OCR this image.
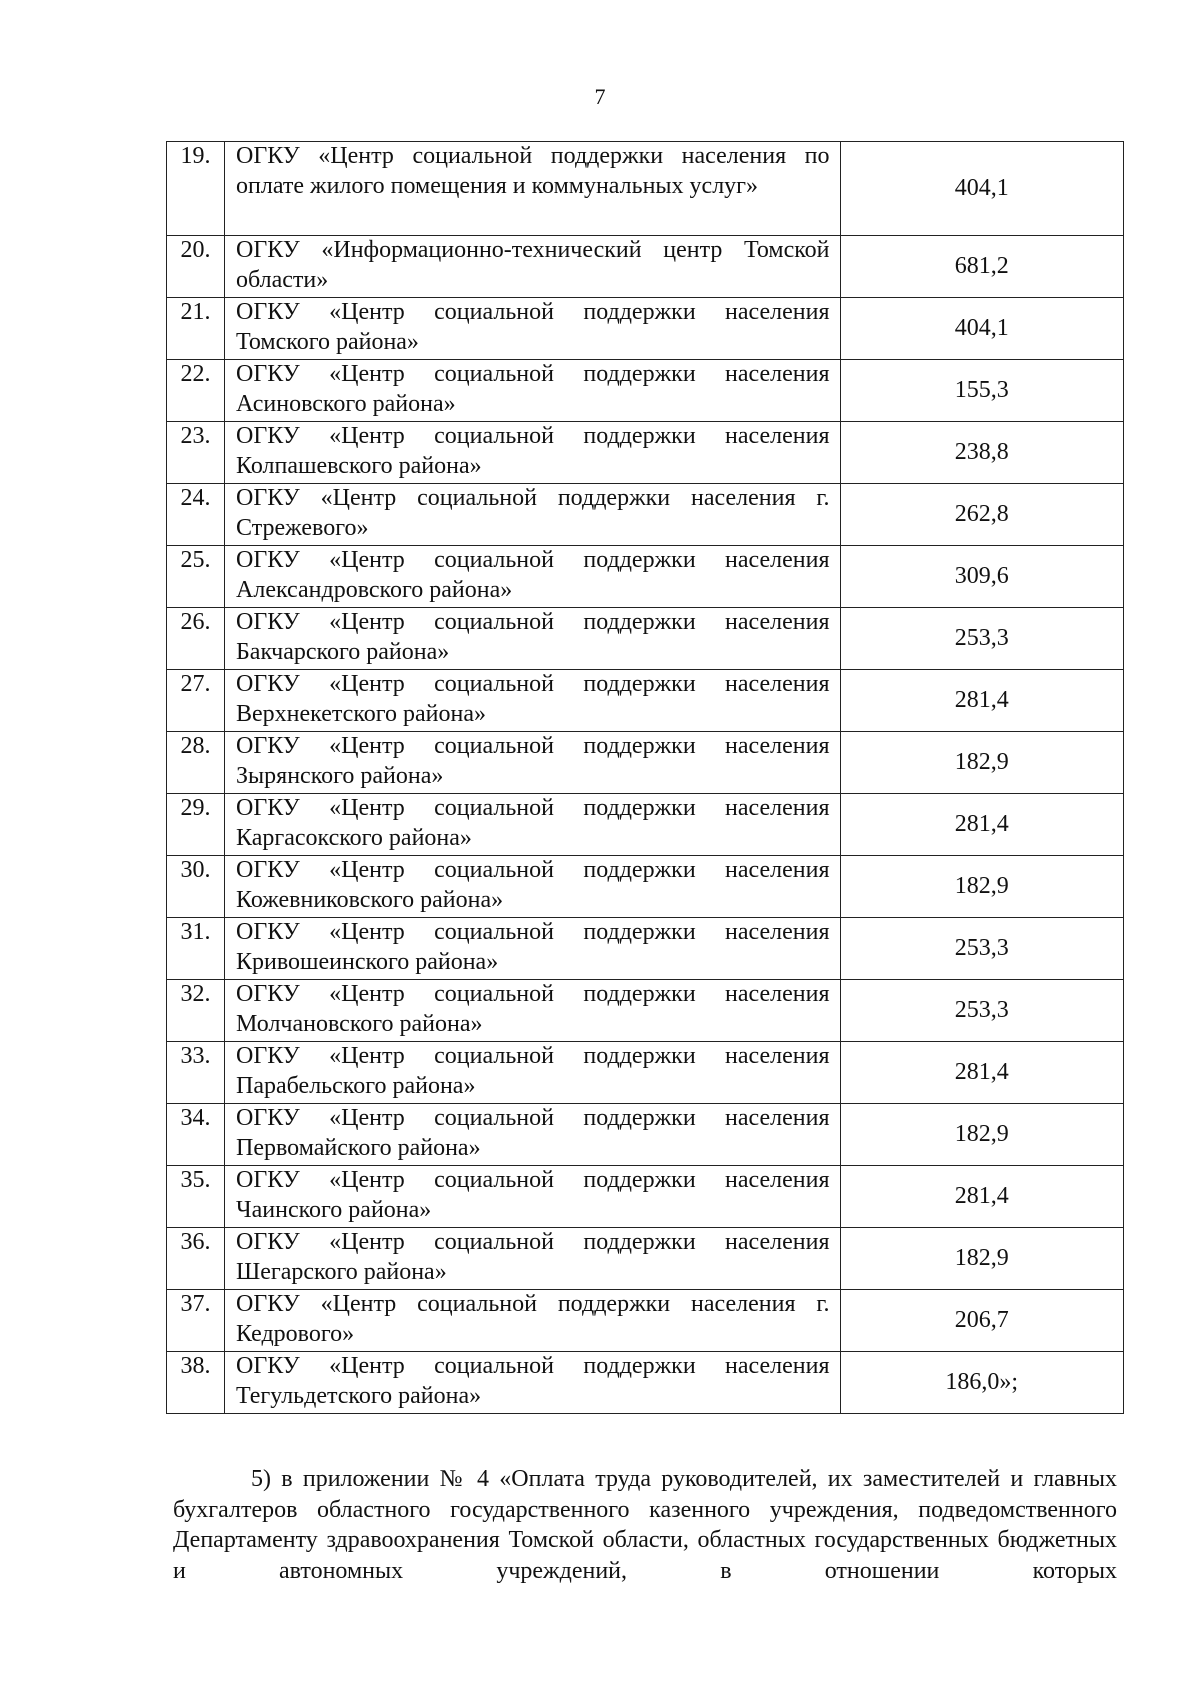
7
19.	ОГКУ «Центр социальной поддержки населения по оплате жилого помещения и коммунальных услуг»	404,1
20.	ОГКУ «Информационно-технический центр Томской области»	681,2
21.	ОГКУ «Центр социальной поддержки населения Томского района»	404,1
22.	ОГКУ «Центр социальной поддержки населения Асиновского района»	155,3
23.	ОГКУ «Центр социальной поддержки населения Колпашевского района»	238,8
24.	ОГКУ «Центр социальной поддержки населения г. Стрежевого»	262,8
25.	ОГКУ «Центр социальной поддержки населения Александровского района»	309,6
26.	ОГКУ «Центр социальной поддержки населения Бакчарского района»	253,3
27.	ОГКУ «Центр социальной поддержки населения Верхнекетского района»	281,4
28.	ОГКУ «Центр социальной поддержки населения Зырянского района»	182,9
29.	ОГКУ «Центр социальной поддержки населения Каргасокского района»	281,4
30.	ОГКУ «Центр социальной поддержки населения Кожевниковского района»	182,9
31.	ОГКУ «Центр социальной поддержки населения Кривошеинского района»	253,3
32.	ОГКУ «Центр социальной поддержки населения Молчановского района»	253,3
33.	ОГКУ «Центр социальной поддержки населения Парабельского района»	281,4
34.	ОГКУ «Центр социальной поддержки населения Первомайского района»	182,9
35.	ОГКУ «Центр социальной поддержки населения Чаинского района»	281,4
36.	ОГКУ «Центр социальной поддержки населения Шегарского района»	182,9
37.	ОГКУ «Центр социальной поддержки населения г. Кедрового»	206,7
38.	ОГКУ «Центр социальной поддержки населения Тегульдетского района»	186,0»;

5) в приложении № 4 «Оплата труда руководителей, их заместителей и главных бухгалтеров областного государственного казенного учреждения, подведомственного Департаменту здравоохранения Томской области, областных государственных бюджетных и автономных учреждений, в отношении которых
